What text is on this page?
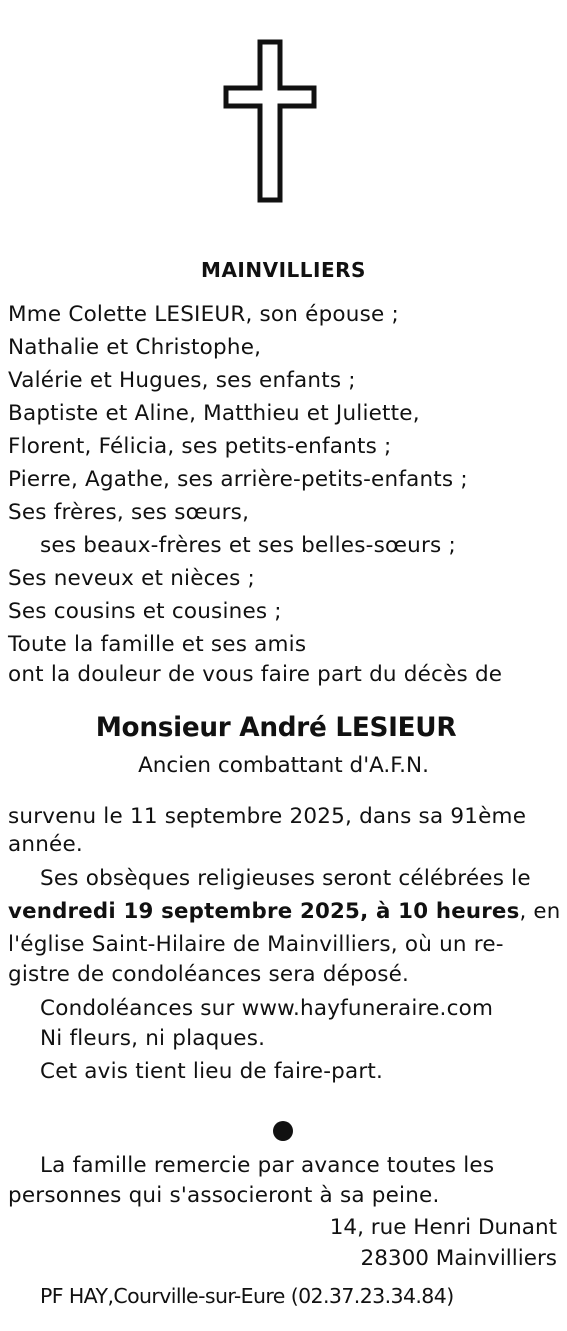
MAINVILLIERS
Mme Colette LESIEUR, son épouse ;
Nathalie et Christophe,
Valérie et Hugues, ses enfants ;
Baptiste et Aline, Matthieu et Juliette,
Florent, Félicia, ses petits-enfants ;
Pierre, Agathe, ses arrière-petits-enfants ;
Ses frères, ses sœurs,
ses beaux-frères et ses belles-sœurs ;
Ses neveux et nièces ;
Ses cousins et cousines ;
Toute la famille et ses amis
ont la douleur de vous faire part du décès de
Monsieur André LESIEUR
Ancien combattant d'A.F.N.
survenu le 11 septembre 2025, dans sa 91ème
année.
Ses obsèques religieuses seront célébrées le
vendredi 19 septembre 2025, à 10 heures, en
l'église Saint-Hilaire de Mainvilliers, où un re-
gistre de condoléances sera déposé.
Condoléances sur www.hayfuneraire.com
Ni fleurs, ni plaques.
Cet avis tient lieu de faire-part.
La famille remercie par avance toutes les
personnes qui s'associeront à sa peine.
14, rue Henri Dunant
28300 Mainvilliers
PF HAY,Courville-sur-Eure (02.37.23.34.84)
